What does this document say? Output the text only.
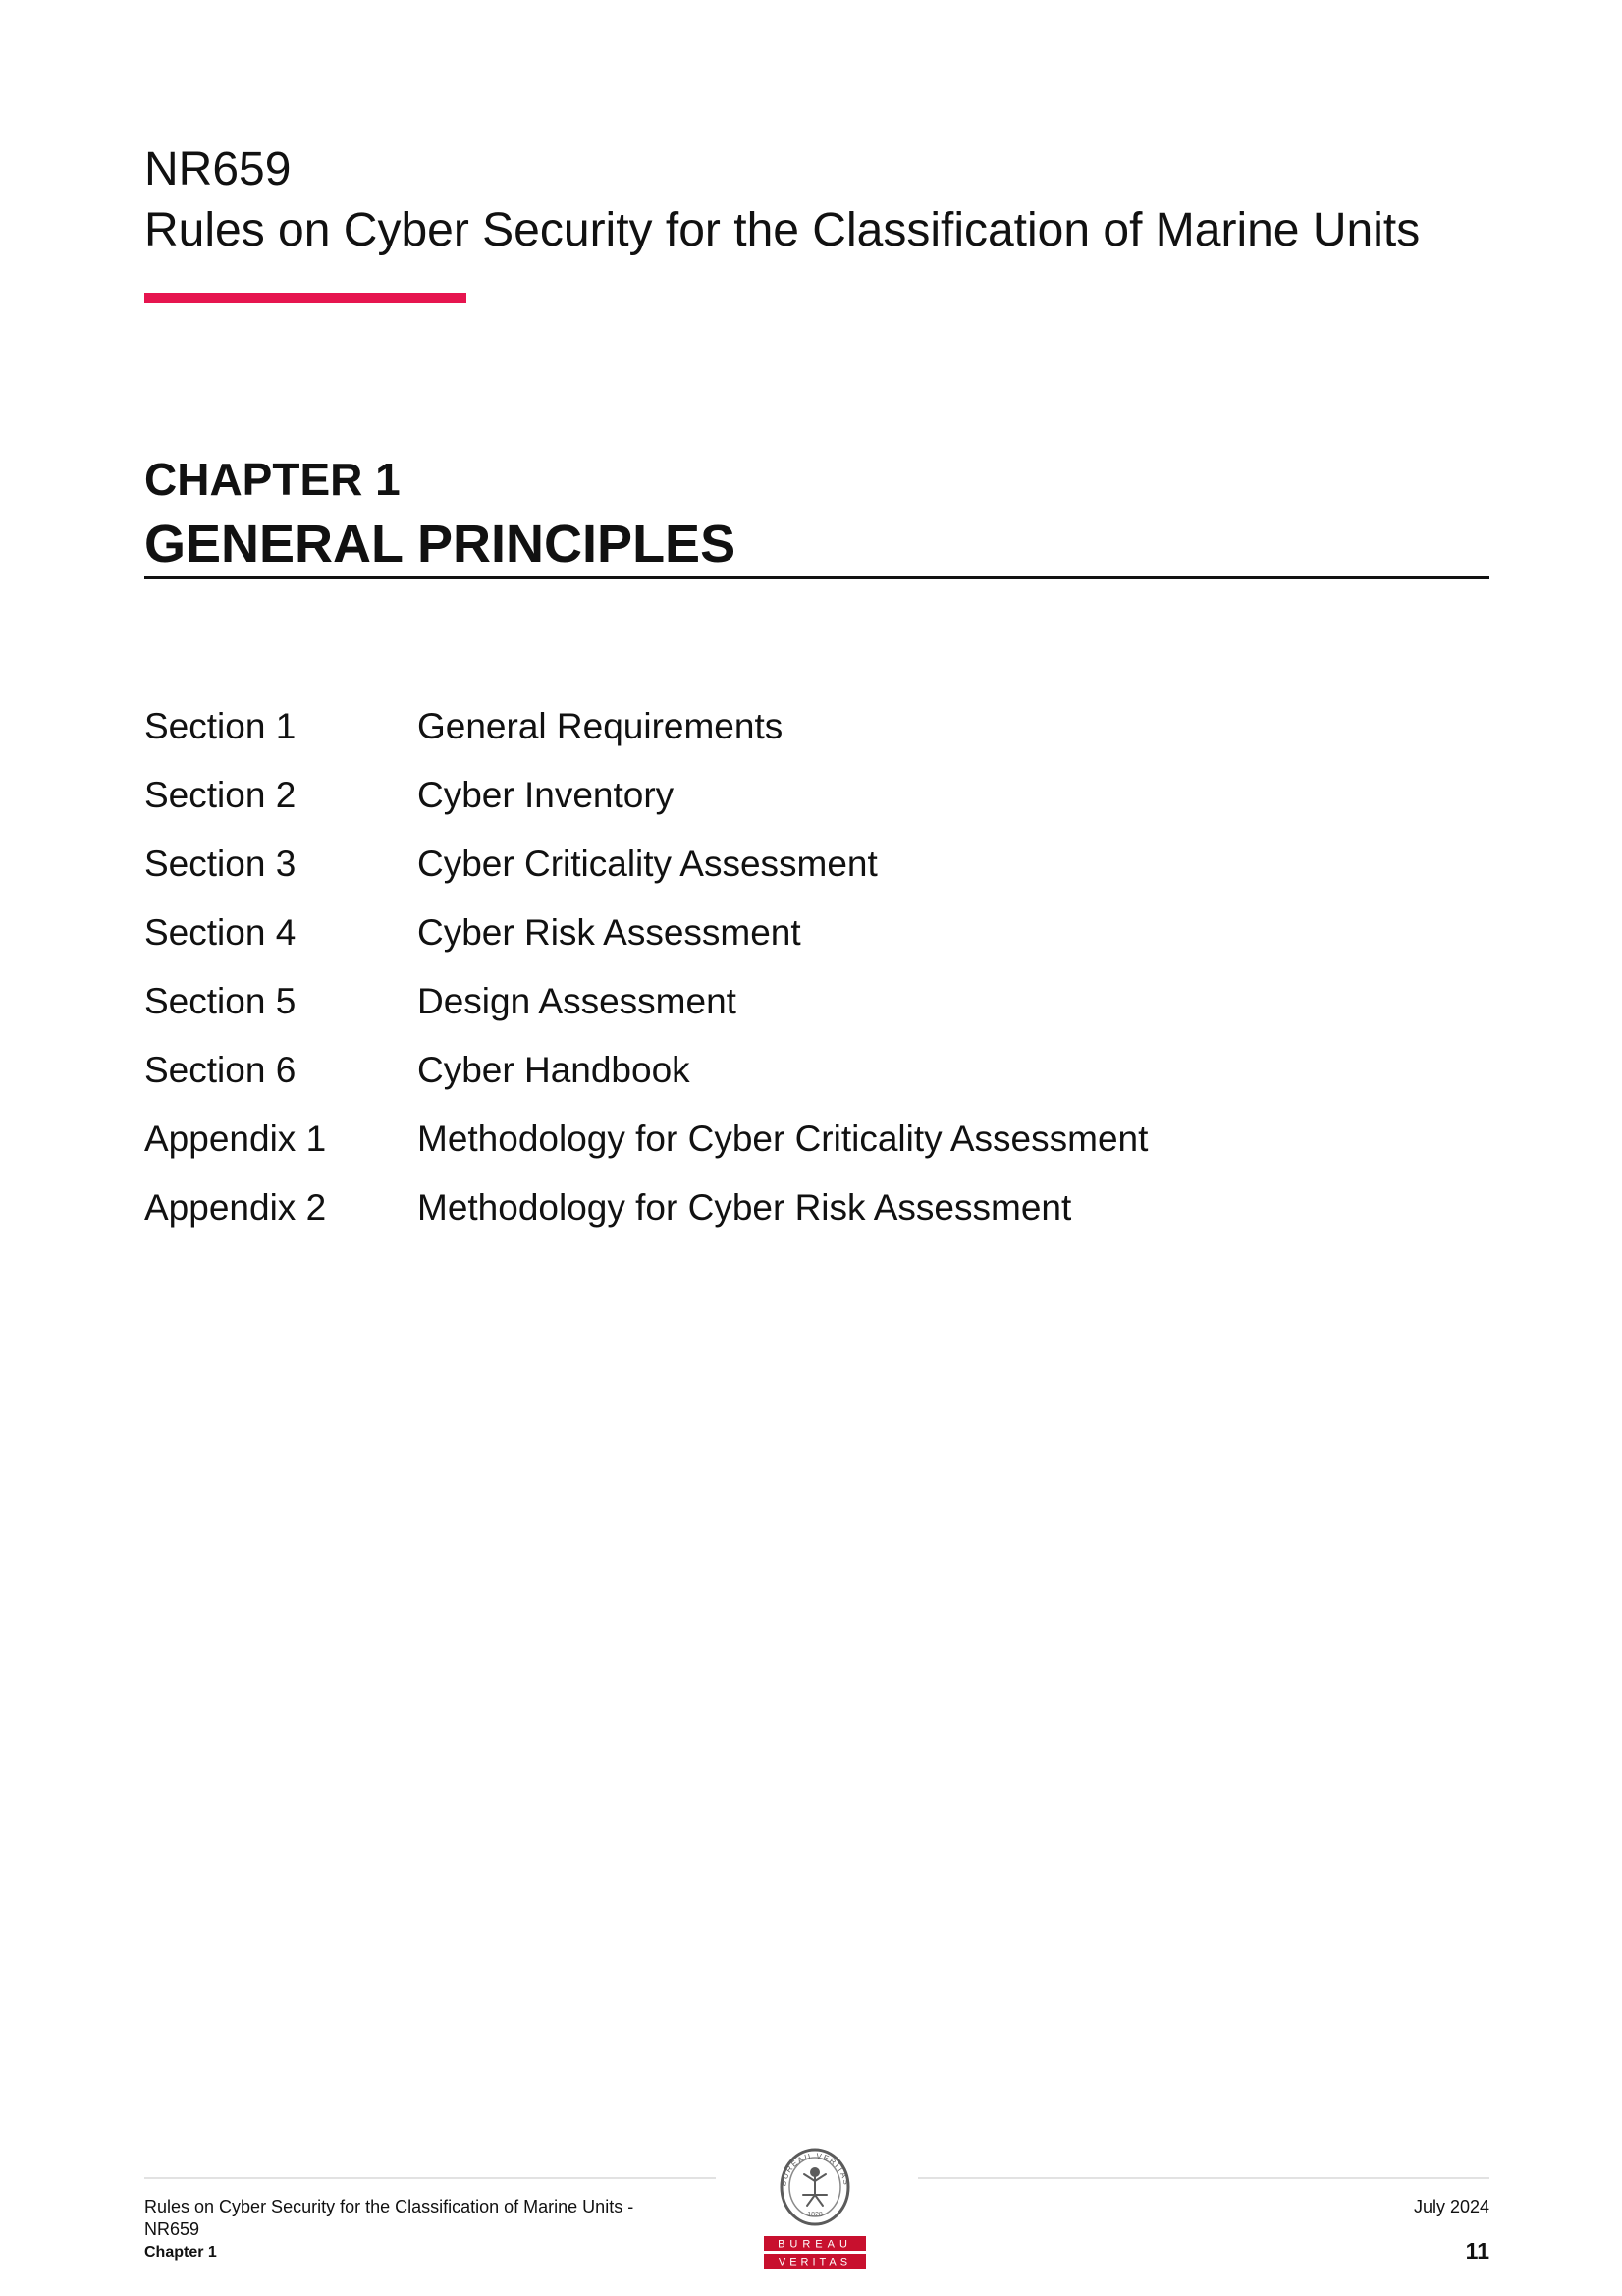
NR659
Rules on Cyber Security for the Classification of Marine Units
CHAPTER 1
GENERAL PRINCIPLES
Section 1	General Requirements
Section 2	Cyber Inventory
Section 3	Cyber Criticality Assessment
Section 4	Cyber Risk Assessment
Section 5	Design Assessment
Section 6	Cyber Handbook
Appendix 1	Methodology for Cyber Criticality Assessment
Appendix 2	Methodology for Cyber Risk Assessment
Rules on Cyber Security for the Classification of Marine Units -
NR659
Chapter 1
BUREAU VERITAS
1828
BUREAU
VERITAS
July 2024
11
